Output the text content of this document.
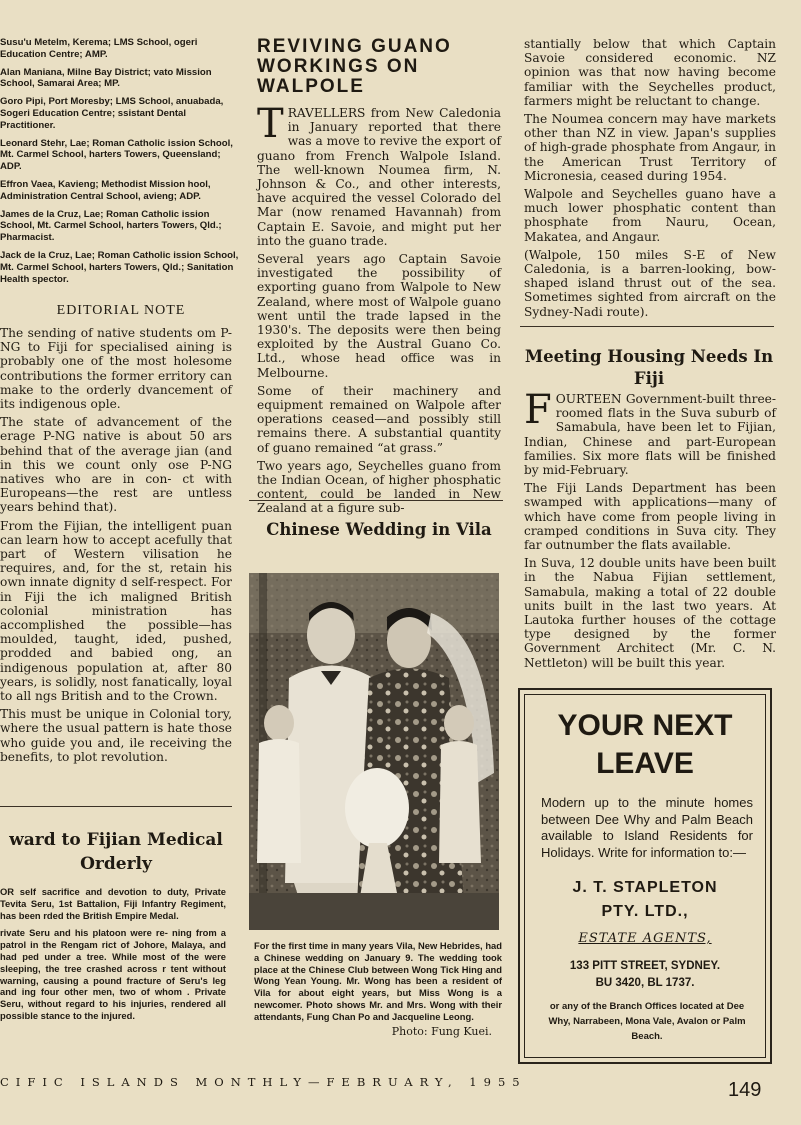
Susu'u Metelm, Kerema; LMS School, ogeri Education Centre; AMP.

Alan Maniana, Milne Bay District; vato Mission School, Samarai Area; MP.

Goro Pipi, Port Moresby; LMS School, anuabada, Sogeri Education Centre; ssistant Dental Practitioner.

Leonard Stehr, Lae; Roman Catholic ission School, Mt. Carmel School, harters Towers, Queensland; ADP.

Effron Vaea, Kavieng; Methodist Mission hool, Administration Central School, avieng; ADP.

James de la Cruz, Lae; Roman Catholic ission School, Mt. Carmel School, harters Towers, Qld.; Pharmacist.

Jack de la Cruz, Lae; Roman Catholic ission School, Mt. Carmel School, harters Towers, Qld.; Sanitation Health spector.

EDITORIAL NOTE

The sending of native students om P-NG to Fiji for specialised aining is probably one of the most holesome contributions the former erritory can make to the orderly dvancement of its indigenous ople.

The state of advancement of the erage P-NG native is about 50 ars behind that of the average jian (and in this we count only ose P-NG natives who are in con- ct with Europeans—the rest are untless years behind that).

From the Fijian, the intelligent puan can learn how to accept acefully that part of Western vilisation he requires, and, for the st, retain his own innate dignity d self-respect. For in Fiji the ich maligned British colonial ministration has accomplished the possible—has moulded, taught, ided, pushed, prodded and babied ong, an indigenous population at, after 80 years, is solidly, nost fanatically, loyal to all ngs British and to the Crown.

This must be unique in Colonial tory, where the usual pattern is hate those who guide you and, ile receiving the benefits, to plot revolution.

ward to Fijian Medical Orderly

OR self sacrifice and devotion to duty, Private Tevita Seru, 1st Battalion, Fiji Infantry Regiment, has been rded the British Empire Medal.

rivate Seru and his platoon were re- ning from a patrol in the Rengam rict of Johore, Malaya, and had ped under a tree. While most of the were sleeping, the tree crashed across r tent without warning, causing a pound fracture of Seru's leg and ing four other men, two of whom . Private Seru, without regard to his injuries, rendered all possible stance to the injured.

REVIVING GUANO WORKINGS ON WALPOLE

TRAVELLERS from New Caledonia in January reported that there was a move to revive the export of guano from French Walpole Island. The well-known Noumea firm, N. Johnson & Co., and other interests, have acquired the vessel Colorado del Mar (now renamed Havannah) from Captain E. Savoie, and might put her into the guano trade.

Several years ago Captain Savoie investigated the possibility of exporting guano from Walpole to New Zealand, where most of Walpole guano went until the trade lapsed in the 1930's. The deposits were then being exploited by the Austral Guano Co. Ltd., whose head office was in Melbourne.

Some of their machinery and equipment remained on Walpole after operations ceased—and possibly still remains there. A substantial quantity of guano remained “at grass.”

Two years ago, Seychelles guano from the Indian Ocean, of higher phosphatic content, could be landed in New Zealand at a figure sub-

Chinese Wedding in Vila

For the first time in many years Vila, New Hebrides, had a Chinese wedding on January 9. The wedding took place at the Chinese Club between Wong Tick Hing and Wong Yean Young. Mr. Wong has been a resident of Vila for about eight years, but Miss Wong is a newcomer. Photo shows Mr. and Mrs. Wong with their attendants, Fung Chan Po and Jacqueline Leong.

Photo: Fung Kuei.

stantially below that which Captain Savoie considered economic. NZ opinion was that now having become familiar with the Seychelles product, farmers might be reluctant to change.

The Noumea concern may have markets other than NZ in view. Japan's supplies of high-grade phosphate from Angaur, in the American Trust Territory of Micronesia, ceased during 1954.

Walpole and Seychelles guano have a much lower phosphatic content than phosphate from Nauru, Ocean, Makatea, and Angaur.

(Walpole, 150 miles S-E of New Caledonia, is a barren-looking, bow-shaped island thrust out of the sea. Sometimes sighted from aircraft on the Sydney-Nadi route).

Meeting Housing Needs In Fiji

FOURTEEN Government-built three-roomed flats in the Suva suburb of Samabula, have been let to Fijian, Indian, Chinese and part-European families. Six more flats will be finished by mid-February.

The Fiji Lands Department has been swamped with applications—many of which have come from people living in cramped conditions in Suva city. They far outnumber the flats available.

In Suva, 12 double units have been built in the Nabua Fijian settlement, Samabula, making a total of 22 double units built in the last two years. At Lautoka further houses of the cottage type designed by the former Government Architect (Mr. C. N. Nettleton) will be built this year.

YOUR NEXT
LEAVE
Modern up to the minute homes between Dee Why and Palm Beach available to Island Residents for Holidays. Write for information to:—
J. T. STAPLETON
PTY. LTD.,
ESTATE AGENTS,
133 PITT STREET, SYDNEY.
BU 3420, BL 1737.
or any of the Branch Offices located at Dee Why, Narrabeen, Mona Vale, Avalon or Palm Beach.
CIFIC ISLANDS MONTHLY—FEBRUARY, 1955	149
